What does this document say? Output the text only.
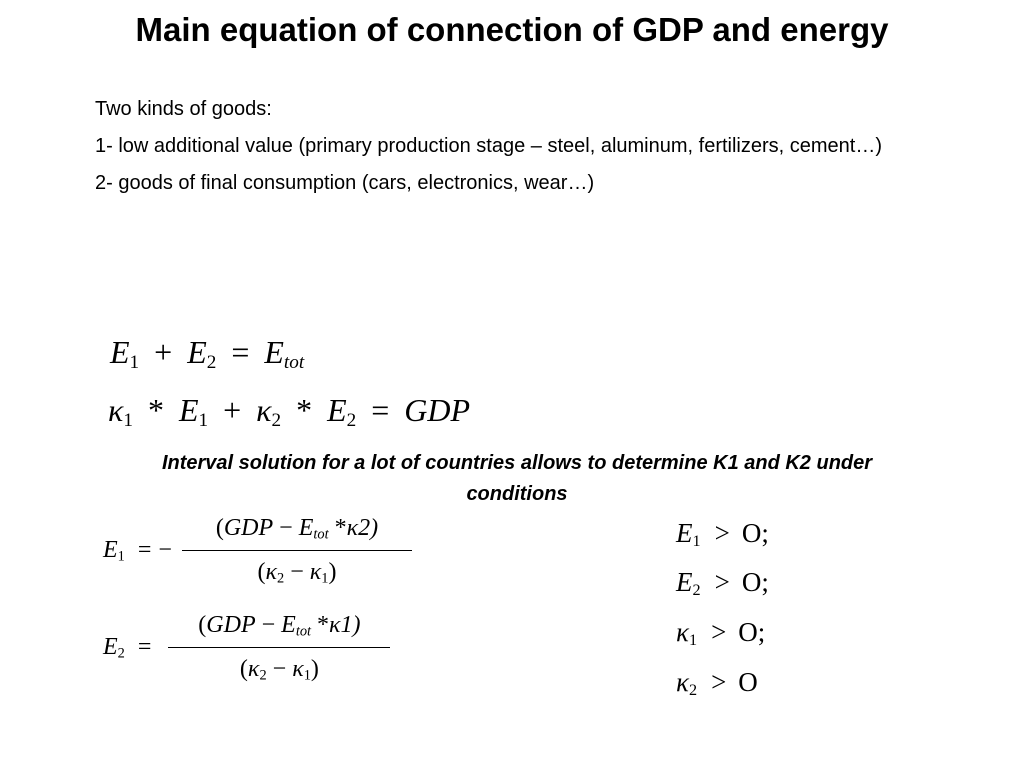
Main equation of connection of GDP and energy

Two kinds of goods:

1- low additional value (primary production stage – steel, aluminum, fertilizers, cement…)

2- goods of final consumption (cars, electronics, wear…)

$E_1 + E_2 = E_{tot}$
$\kappa_1 * E_1 + \kappa_2 * E_2$ = GDP
Interval solution for a lot of countries allows to determine K1 and K2 under conditions
$E_1$ = − $\frac{(GDP - E_{tot} *\kappa 2)}{(\kappa_2 - \kappa_1)}$
$E_2 = \frac{(GDP - E_{tot} *\kappa 1)}{(\kappa_2 - \kappa_1)}$
$E_1 > O$;
$E_2 > O$;
$\kappa_1 > O$;
$\kappa_2 > O$
